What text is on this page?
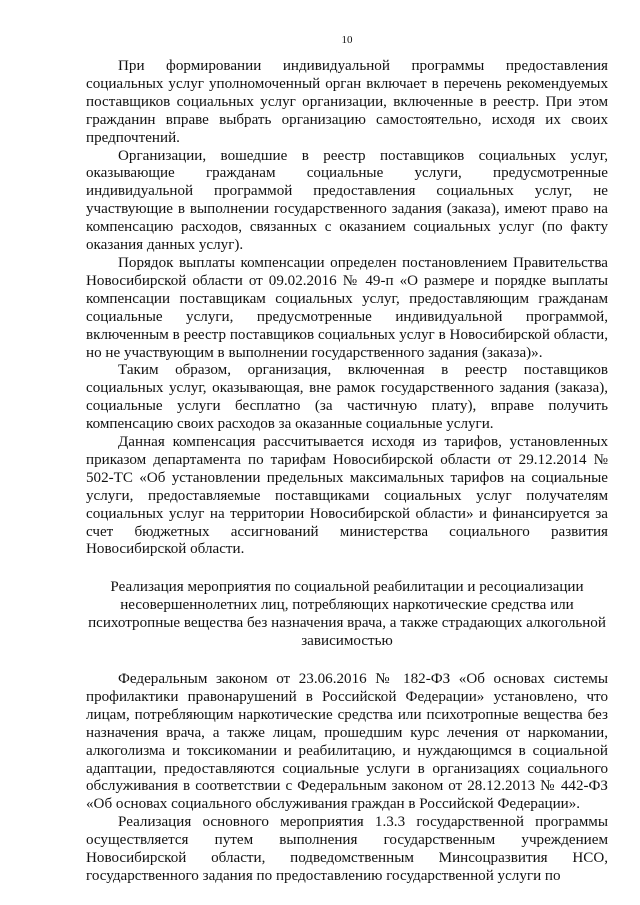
10

При формировании индивидуальной программы предоставления социальных услуг уполномоченный орган включает в перечень рекомендуемых поставщиков социальных услуг организации, включенные в реестр. При этом гражданин вправе выбрать организацию самостоятельно, исходя их своих предпочтений.

Организации, вошедшие в реестр поставщиков социальных услуг, оказывающие гражданам социальные услуги, предусмотренные индивидуальной программой предоставления социальных услуг, не участвующие в выполнении государственного задания (заказа), имеют право на компенсацию расходов, связанных с оказанием социальных услуг (по факту оказания данных услуг).

Порядок выплаты компенсации определен постановлением Правительства Новосибирской области от 09.02.2016 № 49-п «О размере и порядке выплаты компенсации поставщикам социальных услуг, предоставляющим гражданам социальные услуги, предусмотренные индивидуальной программой, включенным в реестр поставщиков социальных услуг в Новосибирской области, но не участвующим в выполнении государственного задания (заказа)».

Таким образом, организация, включенная в реестр поставщиков социальных услуг, оказывающая, вне рамок государственного задания (заказа), социальные услуги бесплатно (за частичную плату), вправе получить компенсацию своих расходов за оказанные социальные услуги.

Данная компенсация рассчитывается исходя из тарифов, установленных приказом департамента по тарифам Новосибирской области от 29.12.2014 № 502-ТС «Об установлении предельных максимальных тарифов на социальные услуги, предоставляемые поставщиками социальных услуг получателям социальных услуг на территории Новосибирской области» и финансируется за счет бюджетных ассигнований министерства социального развития Новосибирской области.

Реализация мероприятия по социальной реабилитации и ресоциализации
несовершеннолетних лиц, потребляющих наркотические средства или
психотропные вещества без назначения врача, а также страдающих алкогольной
зависимостью

Федеральным законом от 23.06.2016 № 182-ФЗ «Об основах системы профилактики правонарушений в Российской Федерации» установлено, что лицам, потребляющим наркотические средства или психотропные вещества без назначения врача, а также лицам, прошедшим курс лечения от наркомании, алкоголизма и токсикомании и реабилитацию, и нуждающимся в социальной адаптации, предоставляются социальные услуги в организациях социального обслуживания в соответствии с Федеральным законом от 28.12.2013 № 442-ФЗ «Об основах социального обслуживания граждан в Российской Федерации».

Реализация основного мероприятия 1.3.3 государственной программы осуществляется путем выполнения государственным учреждением Новосибирской области, подведомственным Минсоцразвития НСО, государственного задания по предоставлению государственной услуги по
